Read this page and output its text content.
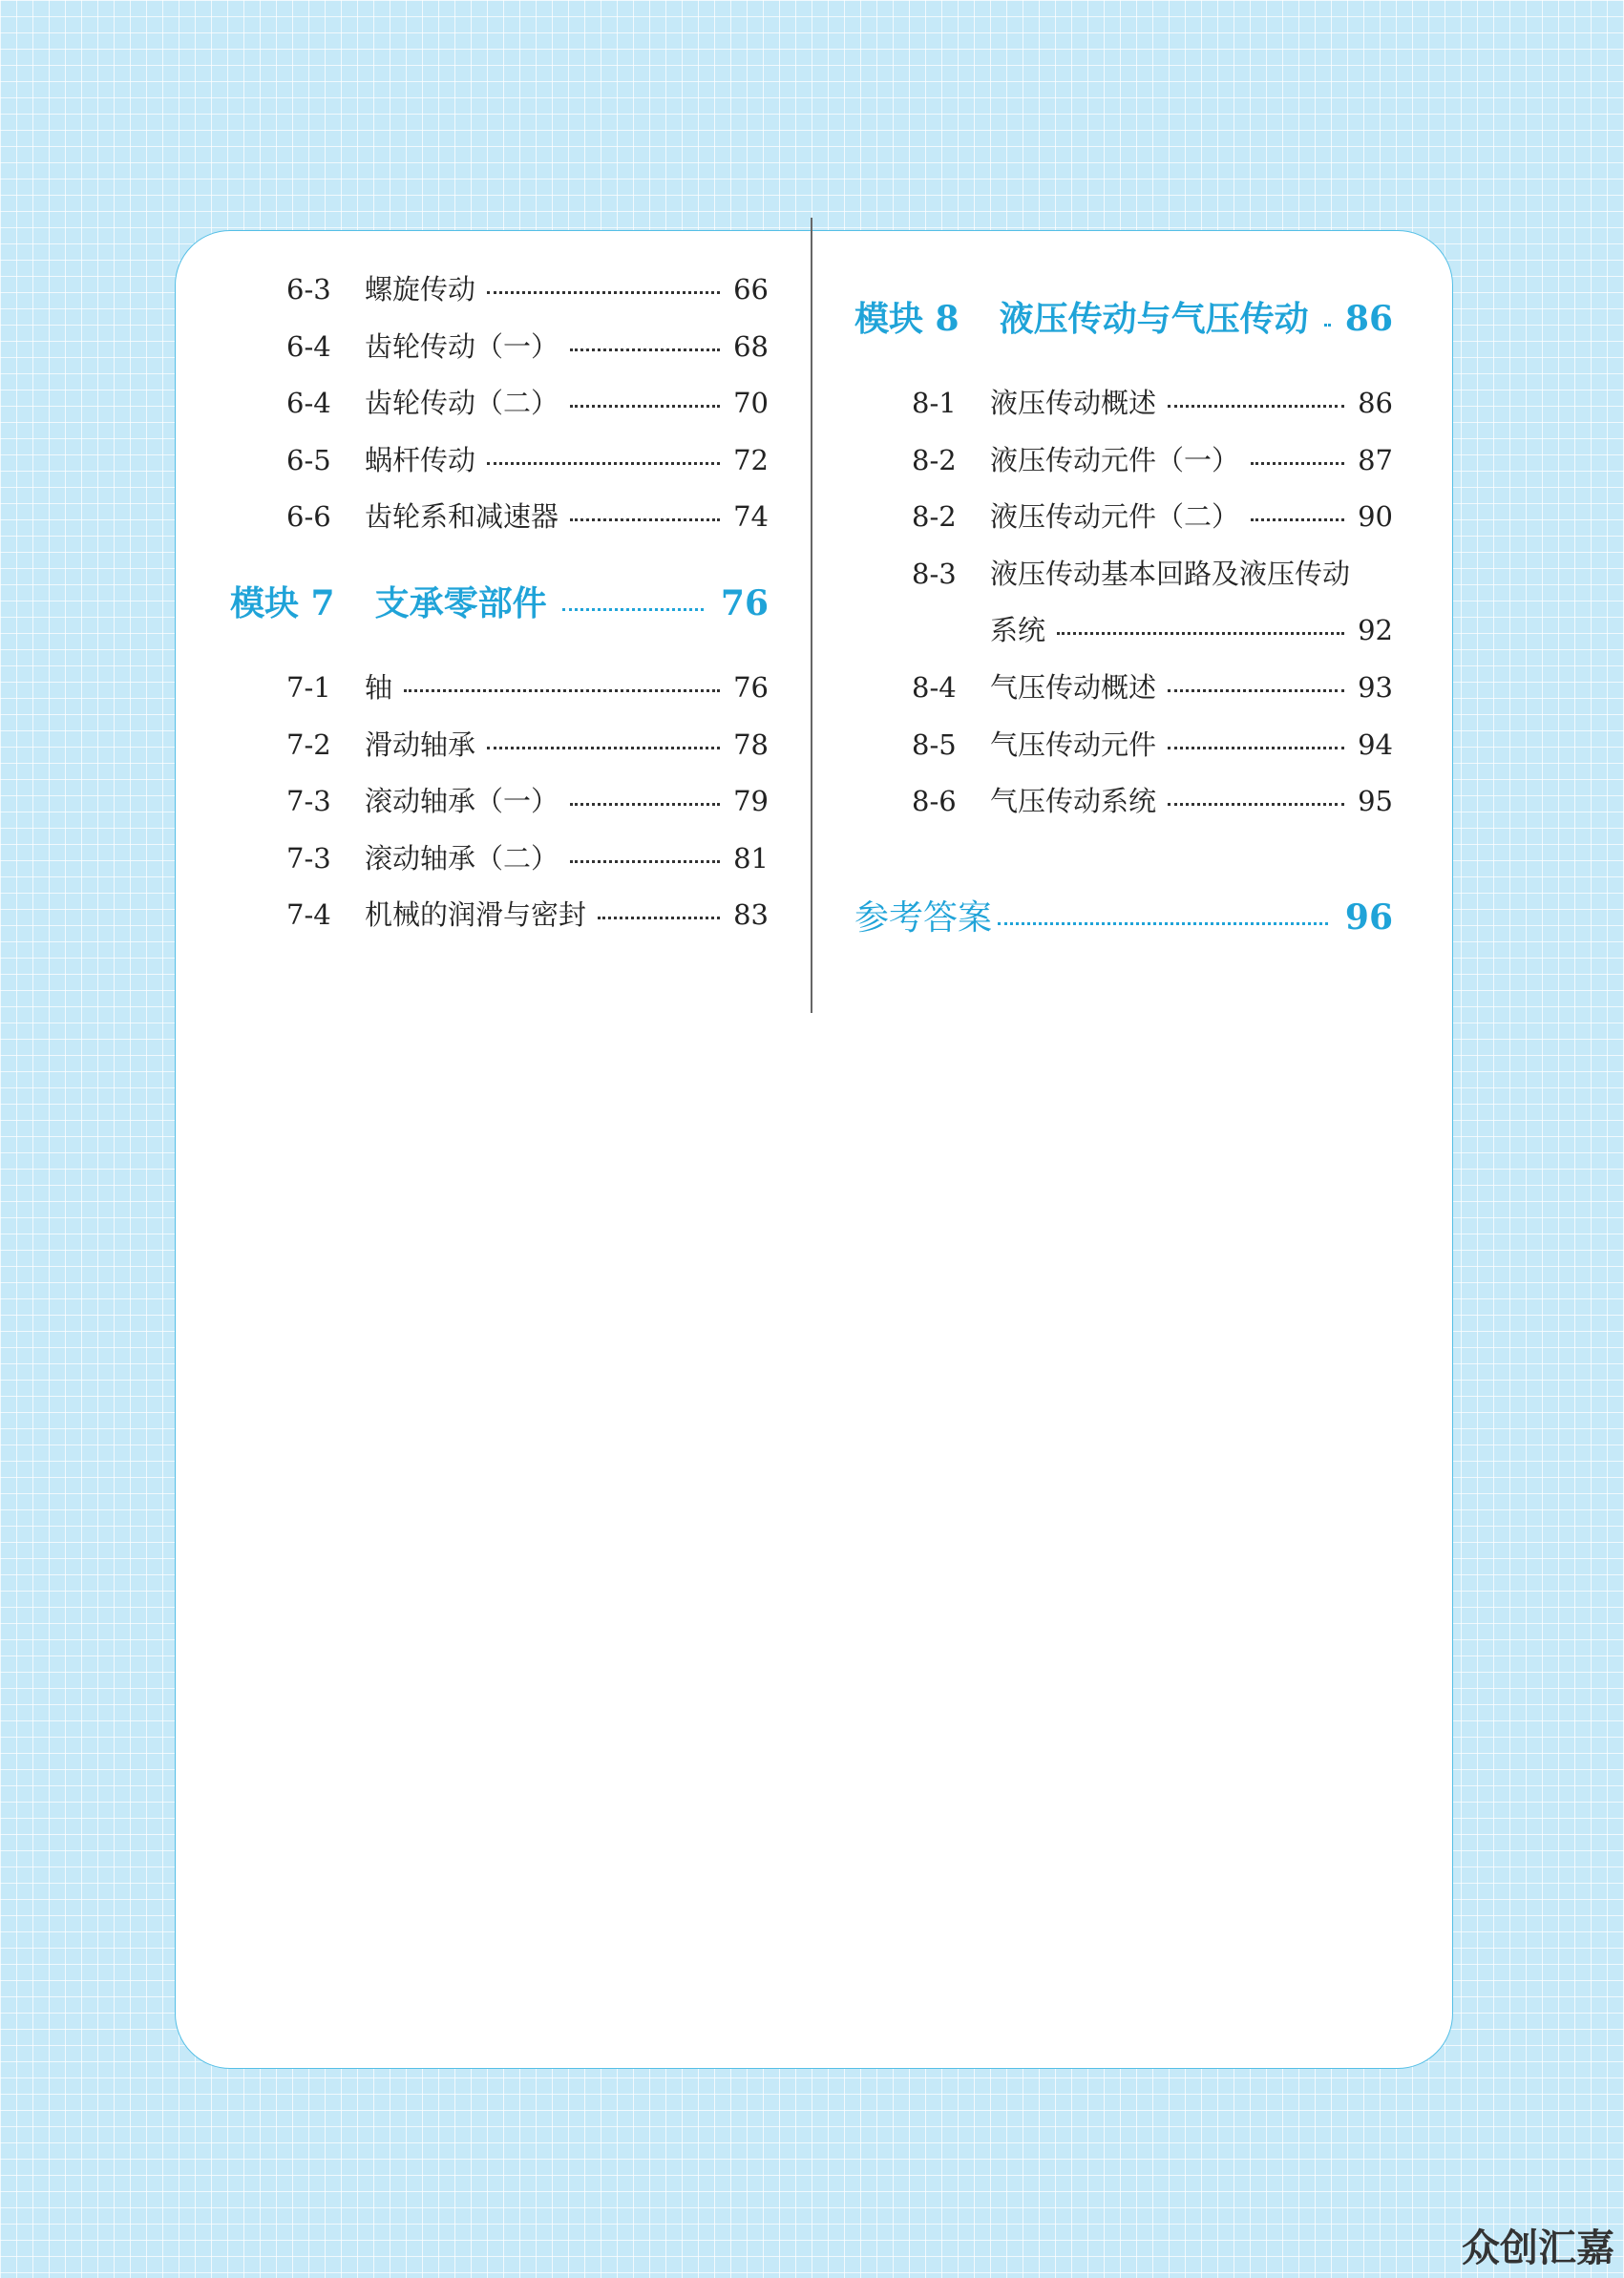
6-3	螺旋传动	66
6-4	齿轮传动（一）	68
6-4	齿轮传动（二）	70
6-5	蜗杆传动	72
6-6	齿轮系和减速器	74
模块 7 支承零部件	76
7-1	轴	76
7-2	滑动轴承	78
7-3	滚动轴承（一）	79
7-3	滚动轴承（二）	81
7-4	机械的润滑与密封	83
模块 8 液压传动与气压传动 86
8-1	液压传动概述	86
8-2	液压传动元件（一）	87
8-2	液压传动元件（二）	90
8-3	液压传动基本回路及液压传动
系统	92
8-4	气压传动概述	93
8-5	气压传动元件	94
8-6	气压传动系统	95
参考答案	96
众创汇嘉
